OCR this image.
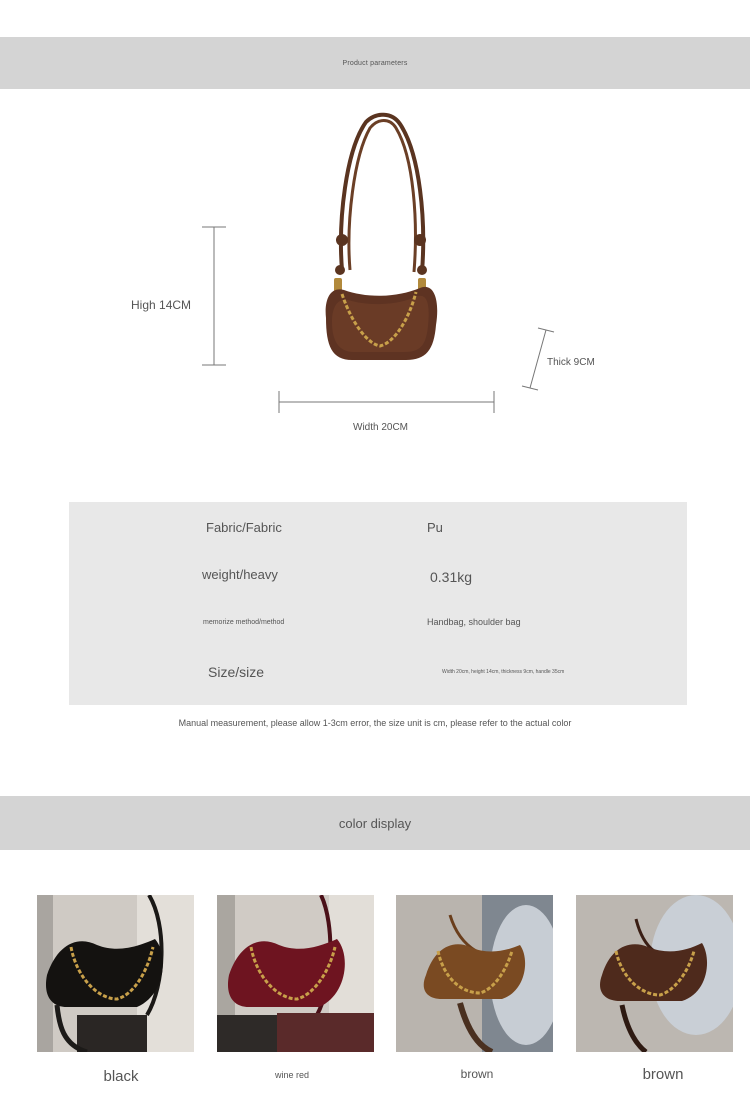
Product parameters
High 14CM
Thick 9CM
Width 20CM
Fabric/Fabric	Pu
weight/heavy	0.31kg
memorize method/method	Handbag, shoulder bag
Size/size	Width 20cm, height 14cm, thickness 9cm, handle 35cm
Manual measurement, please allow 1-3cm error, the size unit is cm, please refer to the actual color
color display
black	wine red	brown	brown
